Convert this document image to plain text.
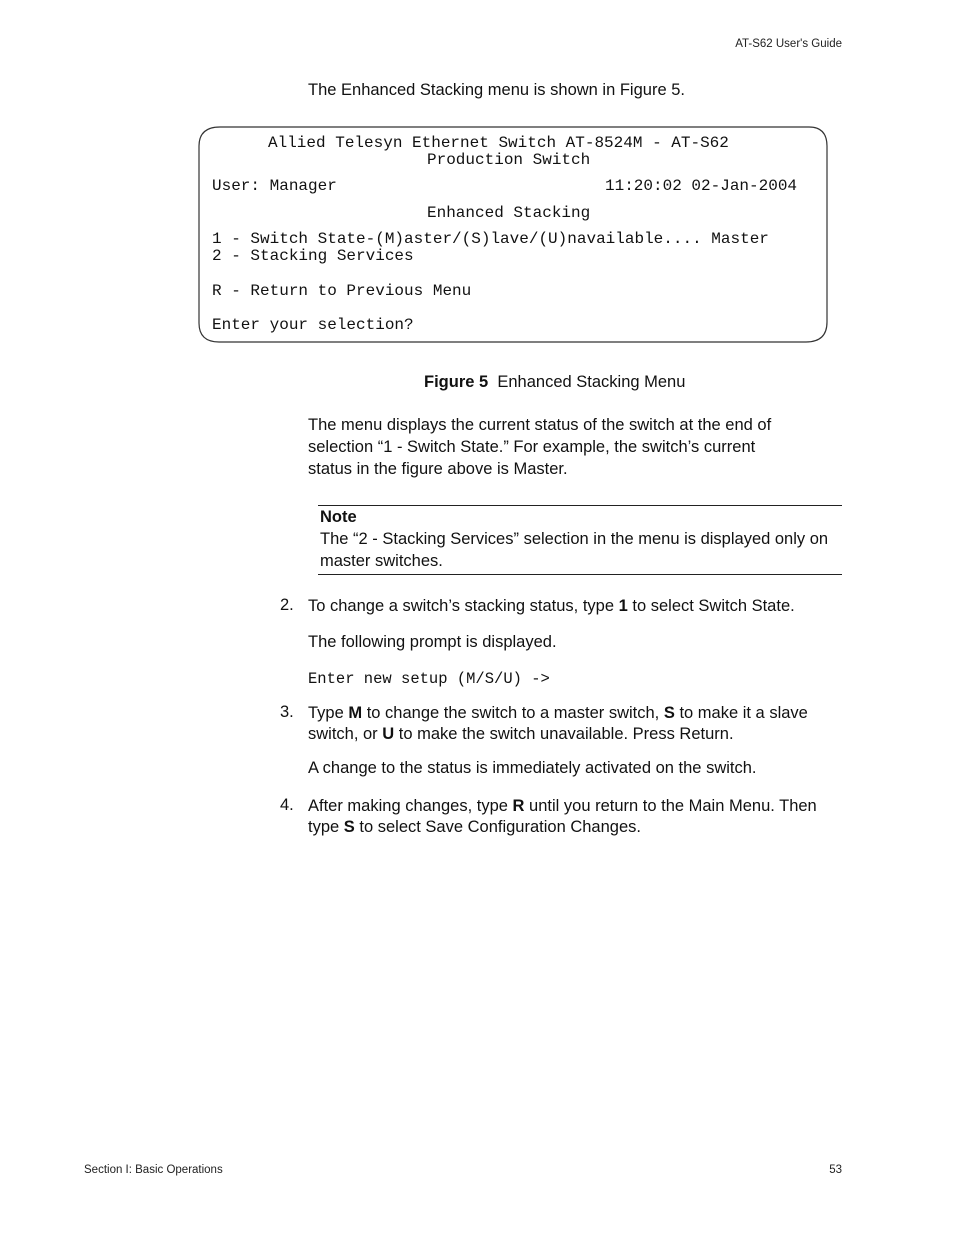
AT-S62 User's Guide
The Enhanced Stacking menu is shown in Figure 5.
Allied Telesyn Ethernet Switch AT-8524M - AT-S62
Production Switch
User: Manager	11:20:02 02-Jan-2004
Enhanced Stacking
1 - Switch State-(M)aster/(S)lave/(U)navailable.... Master
2 - Stacking Services
R - Return to Previous Menu
Enter your selection?
Figure 5 Enhanced Stacking Menu
The menu displays the current status of the switch at the end of
selection “1 - Switch State.” For example, the switch’s current
status in the figure above is Master.
Note
The “2 - Stacking Services” selection in the menu is displayed only on
master switches.
2. To change a switch’s stacking status, type 1 to select Switch State.
The following prompt is displayed.
Enter new setup (M/S/U) ->
3. Type M to change the switch to a master switch, S to make it a slave
switch, or U to make the switch unavailable. Press Return.
A change to the status is immediately activated on the switch.
4. After making changes, type R until you return to the Main Menu. Then
type S to select Save Configuration Changes.
Section I: Basic Operations	53
